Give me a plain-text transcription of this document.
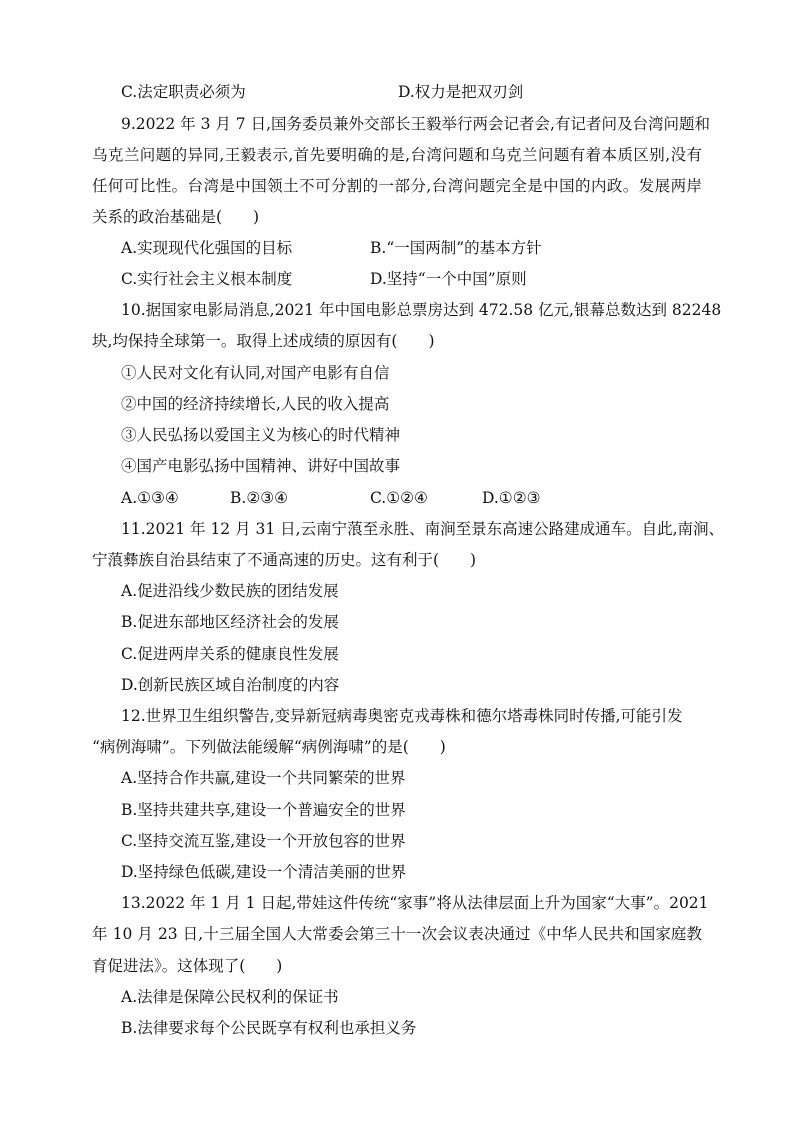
C.法定职责必须为	D.权力是把双刃剑
9.2022 年 3 月 7 日,国务委员兼外交部长王毅举行两会记者会,有记者问及台湾问题和
乌克兰问题的异同,王毅表示,首先要明确的是,台湾问题和乌克兰问题有着本质区别,没有
任何可比性。台湾是中国领土不可分割的一部分,台湾问题完全是中国的内政。发展两岸
关系的政治基础是(　　)
A.实现现代化强国的目标	B.“一国两制”的基本方针
C.实行社会主义根本制度	D.坚持“一个中国”原则
10.据国家电影局消息,2021 年中国电影总票房达到 472.58 亿元,银幕总数达到 82248
块,均保持全球第一。取得上述成绩的原因有(　　)
①人民对文化有认同,对国产电影有自信
②中国的经济持续增长,人民的收入提高
③人民弘扬以爱国主义为核心的时代精神
④国产电影弘扬中国精神、讲好中国故事
A.①③④	B.②③④	C.①②④	D.①②③
11.2021 年 12 月 31 日,云南宁蒗至永胜、南涧至景东高速公路建成通车。自此,南涧、
宁蒗彝族自治县结束了不通高速的历史。这有利于(　　)
A.促进沿线少数民族的团结发展
B.促进东部地区经济社会的发展
C.促进两岸关系的健康良性发展
D.创新民族区域自治制度的内容
12.世界卫生组织警告,变异新冠病毒奥密克戎毒株和德尔塔毒株同时传播,可能引发
“病例海啸”。下列做法能缓解“病例海啸”的是(　　)
A.坚持合作共赢,建设一个共同繁荣的世界
B.坚持共建共享,建设一个普遍安全的世界
C.坚持交流互鉴,建设一个开放包容的世界
D.坚持绿色低碳,建设一个清洁美丽的世界
13.2022 年 1 月 1 日起,带娃这件传统“家事”将从法律层面上升为国家“大事”。2021
年 10 月 23 日,十三届全国人大常委会第三十一次会议表决通过《中华人民共和国家庭教
育促进法》。这体现了(　　)
A.法律是保障公民权利的保证书
B.法律要求每个公民既享有权利也承担义务
